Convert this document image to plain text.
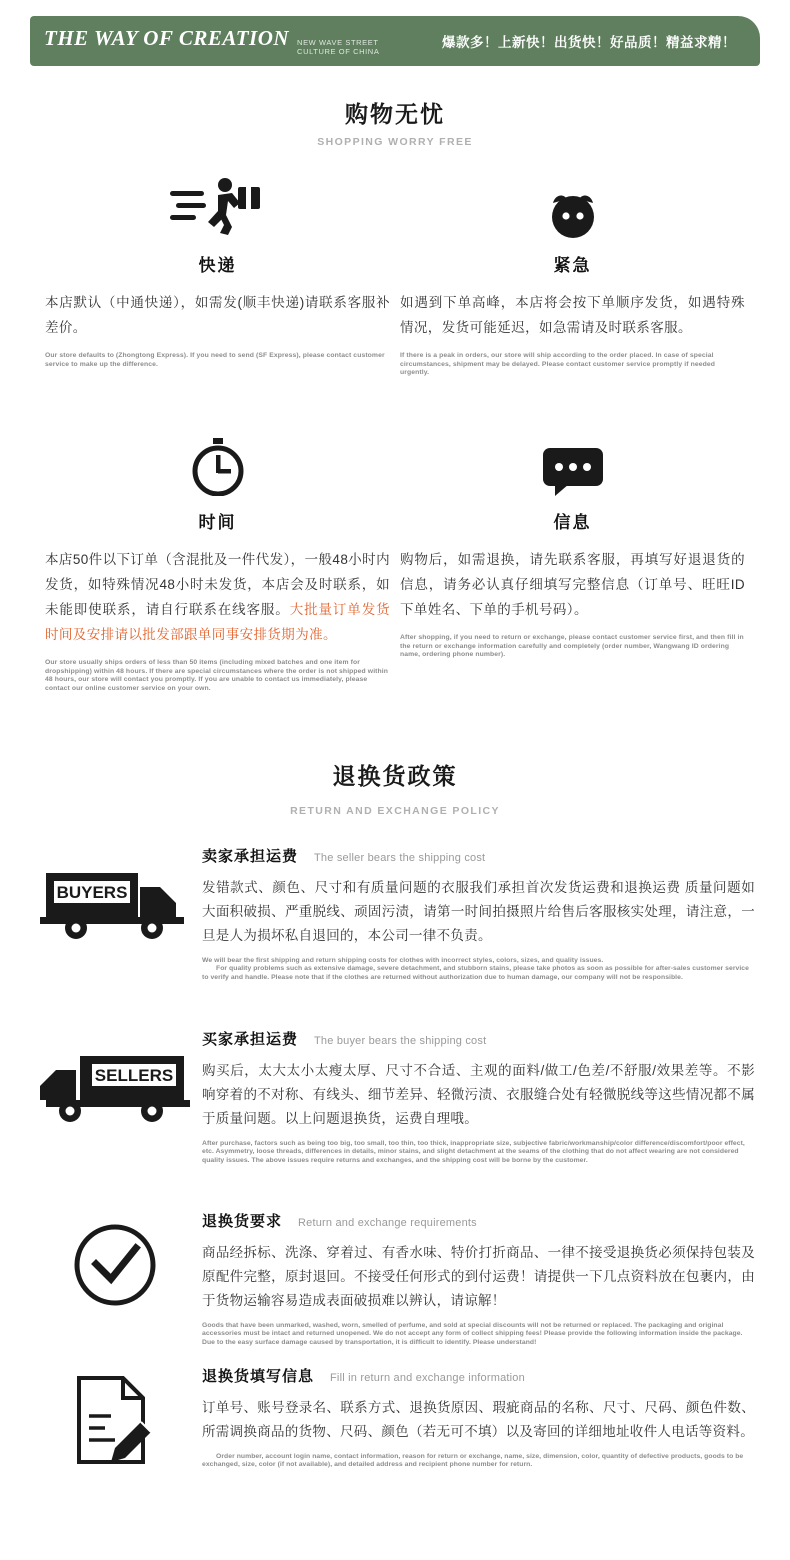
THE WAY OF CREATION NEW WAVE STREET
CULTURE OF CHINA
爆款多！上新快！出货快！好品质！精益求精！
购物无忧
SHOPPING WORRY FREE
快递
本店默认（中通快递），如需发(顺丰快递)请联系客服补差价。
Our store defaults to (Zhongtong Express). If you need to send (SF Express), please contact customer service to make up the difference.
紧急
如遇到下单高峰，本店将会按下单顺序发货，如遇特殊情况，发货可能延迟，如急需请及时联系客服。
If there is a peak in orders, our store will ship according to the order placed. In case of special circumstances, shipment may be delayed. Please contact customer service promptly if needed urgently.
时间
本店50件以下订单（含混批及一件代发），一般48小时内发货，如特殊情况48小时未发货，本店会及时联系，如未能即使联系，请自行联系在线客服。大批量订单发货时间及安排请以批发部跟单同事安排货期为准。
Our store usually ships orders of less than 50 items (including mixed batches and one item for dropshipping) within 48 hours. If there are special circumstances where the order is not shipped within 48 hours, our store will contact you promptly. If you are unable to contact us immediately, please contact our online customer service on your own.
信息
购物后，如需退换，请先联系客服，再填写好退退货的信息，请务必认真仔细填写完整信息（订单号、旺旺ID下单姓名、下单的手机号码）。
After shopping, if you need to return or exchange, please contact customer service first, and then fill in the return or exchange information carefully and completely (order number, Wangwang ID ordering name, ordering phone number).
退换货政策
RETURN AND EXCHANGE POLICY
BUYERS
卖家承担运费 The seller bears the shipping cost
发错款式、颜色、尺寸和有质量问题的衣服我们承担首次发货运费和退换运费 质量问题如大面积破损、严重脱线、顽固污渍，请第一时间拍摄照片给售后客服核实处理，请注意，一旦是人为损坏私自退回的，本公司一律不负责。
We will bear the first shipping and return shipping costs for clothes with incorrect styles, colors, sizes, and quality issues.
For quality problems such as extensive damage, severe detachment, and stubborn stains, please take photos as soon as possible for after-sales customer service to verify and handle. Please note that if the clothes are returned without authorization due to human damage, our company will not be responsible.
SELLERS
买家承担运费 The buyer bears the shipping cost
购买后，太大太小太瘦太厚、尺寸不合适、主观的面料/做工/色差/不舒服/效果差等。不影响穿着的不对称、有线头、细节差异、轻微污渍、衣服缝合处有轻微脱线等这些情况都不属于质量问题。以上问题退换货，运费自理哦。
After purchase, factors such as being too big, too small, too thin, too thick, inappropriate size, subjective fabric/workmanship/color difference/discomfort/poor effect, etc. Asymmetry, loose threads, differences in details, minor stains, and slight detachment at the seams of the clothing that do not affect wearing are not considered quality issues. The above issues require returns and exchanges, and the shipping cost will be borne by the customer.
退换货要求 Return and exchange requirements
商品经拆标、洗涤、穿着过、有香水味、特价打折商品、一律不接受退换货必须保持包装及原配件完整，原封退回。不接受任何形式的到付运费！请提供一下几点资料放在包裹内，由于货物运输容易造成表面破损难以辨认，请谅解！
Goods that have been unmarked, washed, worn, smelled of perfume, and sold at special discounts will not be returned or replaced. The packaging and original accessories must be intact and returned unopened. We do not accept any form of collect shipping fees! Please provide the following information inside the package. Due to the easy surface damage caused by transportation, it is difficult to identify. Please understand!
退换货填写信息 Fill in return and exchange information
订单号、账号登录名、联系方式、退换货原因、瑕疵商品的名称、尺寸、尺码、颜色件数、所需调换商品的货物、尺码、颜色（若无可不填）以及寄回的详细地址收件人电话等资料。
Order number, account login name, contact information, reason for return or exchange, name, size, dimension, color, quantity of defective products, goods to be exchanged, size, color (if not available), and detailed address and recipient phone number for return.
